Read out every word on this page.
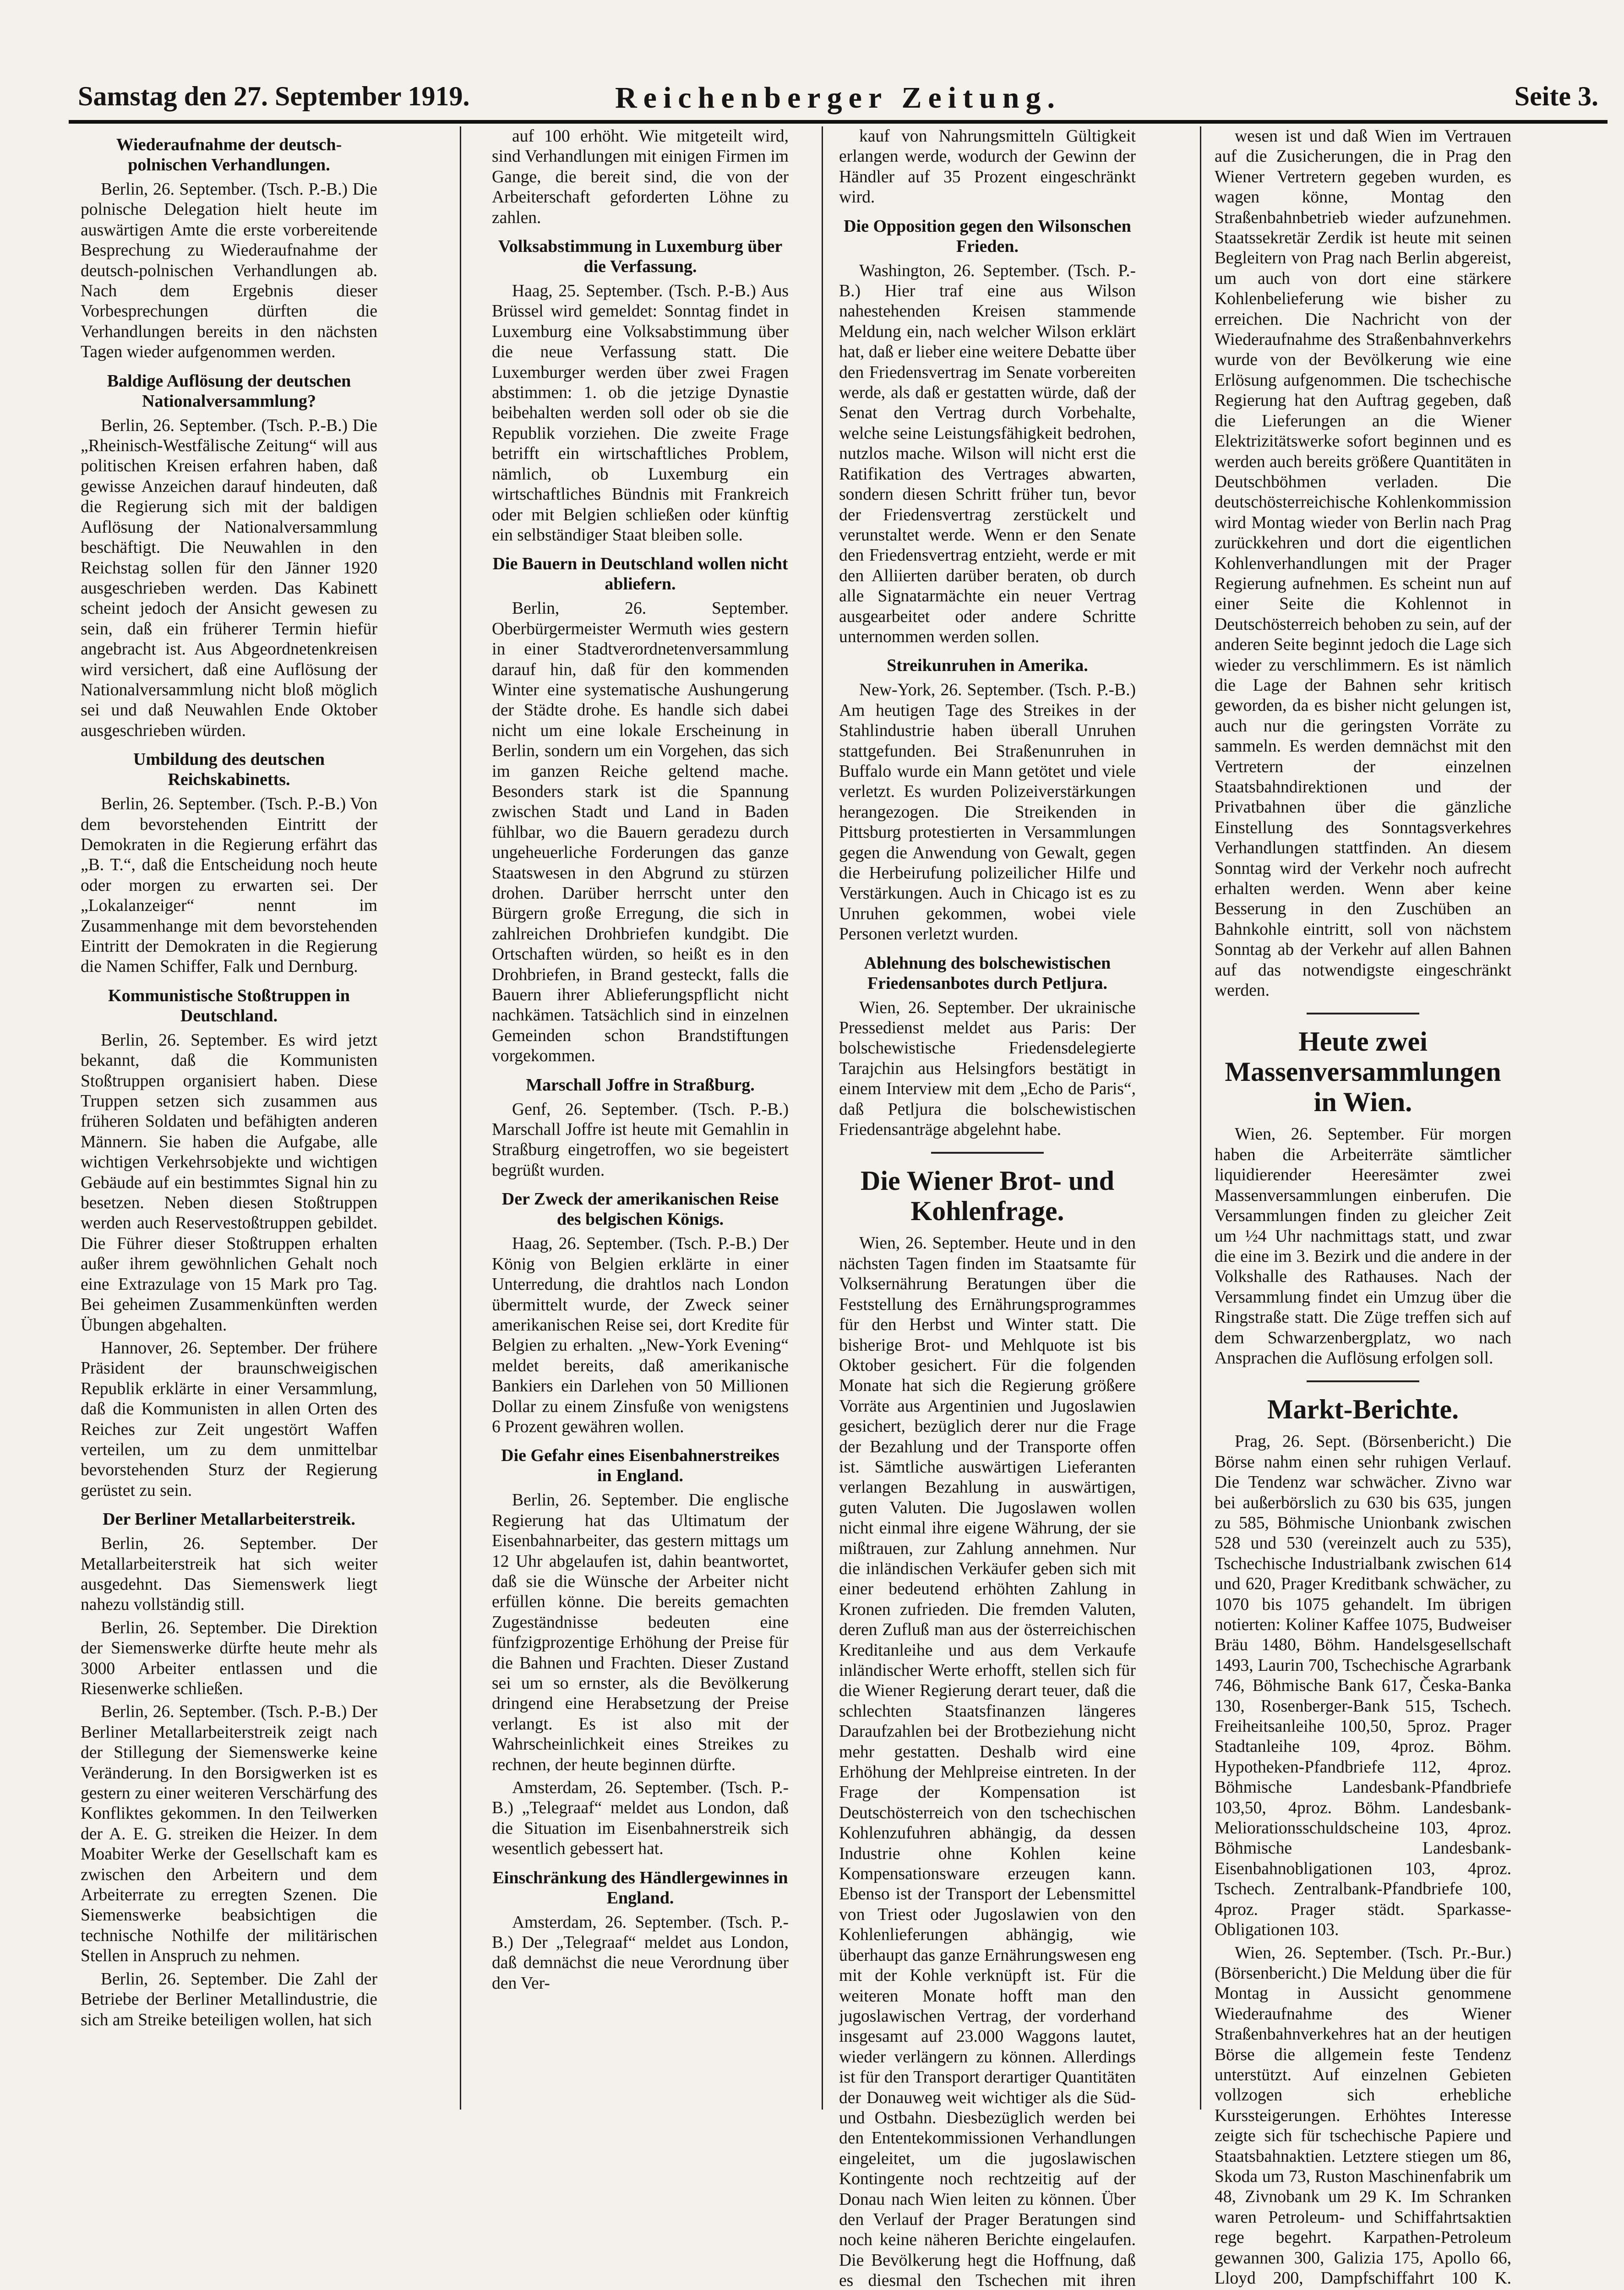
Samstag den 27. September 1919.	Reichenberger Zeitung.	Seite 3.
Wiederaufnahme der deutsch-polnischen Verhandlungen.

Berlin, 26. September. (Tsch. P.-B.) Die polnische Delegation hielt heute im auswärtigen Amte die erste vorbereitende Besprechung zu Wiederaufnahme der deutsch-polnischen Verhandlungen ab. Nach dem Ergebnis dieser Vorbesprechungen dürften die Verhandlungen bereits in den nächsten Tagen wieder aufgenommen werden.

Baldige Auflösung der deutschen Nationalversammlung?

Berlin, 26. September. (Tsch. P.-B.) Die „Rheinisch-Westfälische Zeitung“ will aus politischen Kreisen erfahren haben, daß gewisse Anzeichen darauf hindeuten, daß die Regierung sich mit der baldigen Auflösung der Nationalversammlung beschäftigt. Die Neuwahlen in den Reichstag sollen für den Jänner 1920 ausgeschrieben werden. Das Kabinett scheint jedoch der Ansicht gewesen zu sein, daß ein früherer Termin hiefür angebracht ist. Aus Abgeordnetenkreisen wird versichert, daß eine Auflösung der Nationalversammlung nicht bloß möglich sei und daß Neuwahlen Ende Oktober ausgeschrieben würden.

Umbildung des deutschen Reichskabinetts.

Berlin, 26. September. (Tsch. P.-B.) Von dem bevorstehenden Eintritt der Demokraten in die Regierung erfährt das „B. T.“, daß die Entscheidung noch heute oder morgen zu erwarten sei. Der „Lokalanzeiger“ nennt im Zusammenhange mit dem bevorstehenden Eintritt der Demokraten in die Regierung die Namen Schiffer, Falk und Dernburg.

Kommunistische Stoßtruppen in Deutschland.

Berlin, 26. September. Es wird jetzt bekannt, daß die Kommunisten Stoßtruppen organisiert haben. Diese Truppen setzen sich zusammen aus früheren Soldaten und befähigten anderen Männern. Sie haben die Aufgabe, alle wichtigen Verkehrsobjekte und wichtigen Gebäude auf ein bestimmtes Signal hin zu besetzen. Neben diesen Stoßtruppen werden auch Reservestoßtruppen gebildet. Die Führer dieser Stoßtruppen erhalten außer ihrem gewöhnlichen Gehalt noch eine Extrazulage von 15 Mark pro Tag. Bei geheimen Zusammenkünften werden Übungen abgehalten.

Hannover, 26. September. Der frühere Präsident der braunschweigischen Republik erklärte in einer Versammlung, daß die Kommunisten in allen Orten des Reiches zur Zeit ungestört Waffen verteilen, um zu dem unmittelbar bevorstehenden Sturz der Regierung gerüstet zu sein.

Der Berliner Metallarbeiterstreik.

Berlin, 26. September. Der Metallarbeiterstreik hat sich weiter ausgedehnt. Das Siemenswerk liegt nahezu vollständig still.

Berlin, 26. September. Die Direktion der Siemenswerke dürfte heute mehr als 3000 Arbeiter entlassen und die Riesenwerke schließen.

Berlin, 26. September. (Tsch. P.-B.) Der Berliner Metallarbeiterstreik zeigt nach der Stillegung der Siemenswerke keine Veränderung. In den Borsigwerken ist es gestern zu einer weiteren Verschärfung des Konfliktes gekommen. In den Teilwerken der A. E. G. streiken die Heizer. In dem Moabiter Werke der Gesellschaft kam es zwischen den Arbeitern und dem Arbeiterrate zu erregten Szenen. Die Siemenswerke beabsichtigen die technische Nothilfe der militärischen Stellen in Anspruch zu nehmen.

Berlin, 26. September. Die Zahl der Betriebe der Berliner Metallindustrie, die sich am Streike beteiligen wollen, hat sich

auf 100 erhöht. Wie mitgeteilt wird, sind Verhandlungen mit einigen Firmen im Gange, die bereit sind, die von der Arbeiterschaft geforderten Löhne zu zahlen.

Volksabstimmung in Luxemburg über die Verfassung.

Haag, 25. September. (Tsch. P.-B.) Aus Brüssel wird gemeldet: Sonntag findet in Luxemburg eine Volksabstimmung über die neue Verfassung statt. Die Luxemburger werden über zwei Fragen abstimmen: 1. ob die jetzige Dynastie beibehalten werden soll oder ob sie die Republik vorziehen. Die zweite Frage betrifft ein wirtschaftliches Problem, nämlich, ob Luxemburg ein wirtschaftliches Bündnis mit Frankreich oder mit Belgien schließen oder künftig ein selbständiger Staat bleiben solle.

Die Bauern in Deutschland wollen nicht abliefern.

Berlin, 26. September. Oberbürgermeister Wermuth wies gestern in einer Stadtverordnetenversammlung darauf hin, daß für den kommenden Winter eine systematische Aushungerung der Städte drohe. Es handle sich dabei nicht um eine lokale Erscheinung in Berlin, sondern um ein Vorgehen, das sich im ganzen Reiche geltend mache. Besonders stark ist die Spannung zwischen Stadt und Land in Baden fühlbar, wo die Bauern geradezu durch ungeheuerliche Forderungen das ganze Staatswesen in den Abgrund zu stürzen drohen. Darüber herrscht unter den Bürgern große Erregung, die sich in zahlreichen Drohbriefen kundgibt. Die Ortschaften würden, so heißt es in den Drohbriefen, in Brand gesteckt, falls die Bauern ihrer Ablieferungspflicht nicht nachkämen. Tatsächlich sind in einzelnen Gemeinden schon Brandstiftungen vorgekommen.

Marschall Joffre in Straßburg.

Genf, 26. September. (Tsch. P.-B.) Marschall Joffre ist heute mit Gemahlin in Straßburg eingetroffen, wo sie begeistert begrüßt wurden.

Der Zweck der amerikanischen Reise des belgischen Königs.

Haag, 26. September. (Tsch. P.-B.) Der König von Belgien erklärte in einer Unterredung, die drahtlos nach London übermittelt wurde, der Zweck seiner amerikanischen Reise sei, dort Kredite für Belgien zu erhalten. „New-York Evening“ meldet bereits, daß amerikanische Bankiers ein Darlehen von 50 Millionen Dollar zu einem Zinsfuße von wenigstens 6 Prozent gewähren wollen.

Die Gefahr eines Eisenbahnerstreikes in England.

Berlin, 26. September. Die englische Regierung hat das Ultimatum der Eisenbahnarbeiter, das gestern mittags um 12 Uhr abgelaufen ist, dahin beantwortet, daß sie die Wünsche der Arbeiter nicht erfüllen könne. Die bereits gemachten Zugeständnisse bedeuten eine fünfzigprozentige Erhöhung der Preise für die Bahnen und Frachten. Dieser Zustand sei um so ernster, als die Bevölkerung dringend eine Herabsetzung der Preise verlangt. Es ist also mit der Wahrscheinlichkeit eines Streikes zu rechnen, der heute beginnen dürfte.

Amsterdam, 26. September. (Tsch. P.-B.) „Telegraaf“ meldet aus London, daß die Situation im Eisenbahnerstreik sich wesentlich gebessert hat.

Einschränkung des Händlergewinnes in England.

Amsterdam, 26. September. (Tsch. P.-B.) Der „Telegraaf“ meldet aus London, daß demnächst die neue Verordnung über den Ver-

kauf von Nahrungsmitteln Gültigkeit erlangen werde, wodurch der Gewinn der Händler auf 35 Prozent eingeschränkt wird.

Die Opposition gegen den Wilsonschen Frieden.

Washington, 26. September. (Tsch. P.-B.) Hier traf eine aus Wilson nahestehenden Kreisen stammende Meldung ein, nach welcher Wilson erklärt hat, daß er lieber eine weitere Debatte über den Friedensvertrag im Senate vorbereiten werde, als daß er gestatten würde, daß der Senat den Vertrag durch Vorbehalte, welche seine Leistungsfähigkeit bedrohen, nutzlos mache. Wilson will nicht erst die Ratifikation des Vertrages abwarten, sondern diesen Schritt früher tun, bevor der Friedensvertrag zerstückelt und verunstaltet werde. Wenn er den Senate den Friedensvertrag entzieht, werde er mit den Alliierten darüber beraten, ob durch alle Signatarmächte ein neuer Vertrag ausgearbeitet oder andere Schritte unternommen werden sollen.

Streikunruhen in Amerika.

New-York, 26. September. (Tsch. P.-B.) Am heutigen Tage des Streikes in der Stahlindustrie haben überall Unruhen stattgefunden. Bei Straßenunruhen in Buffalo wurde ein Mann getötet und viele verletzt. Es wurden Polizeiverstärkungen herangezogen. Die Streikenden in Pittsburg protestierten in Versammlungen gegen die Anwendung von Gewalt, gegen die Herbeirufung polizeilicher Hilfe und Verstärkungen. Auch in Chicago ist es zu Unruhen gekommen, wobei viele Personen verletzt wurden.

Ablehnung des bolschewistischen Friedensanbotes durch Petljura.

Wien, 26. September. Der ukrainische Pressedienst meldet aus Paris: Der bolschewistische Friedensdelegierte Tarajchin aus Helsingfors bestätigt in einem Interview mit dem „Echo de Paris“, daß Petljura die bolschewistischen Friedensanträge abgelehnt habe.

Die Wiener Brot- und Kohlenfrage.

Wien, 26. September. Heute und in den nächsten Tagen finden im Staatsamte für Volksernährung Beratungen über die Feststellung des Ernährungsprogrammes für den Herbst und Winter statt. Die bisherige Brot- und Mehlquote ist bis Oktober gesichert. Für die folgenden Monate hat sich die Regierung größere Vorräte aus Argentinien und Jugoslawien gesichert, bezüglich derer nur die Frage der Bezahlung und der Transporte offen ist. Sämtliche auswärtigen Lieferanten verlangen Bezahlung in auswärtigen, guten Valuten. Die Jugoslawen wollen nicht einmal ihre eigene Währung, der sie mißtrauen, zur Zahlung annehmen. Nur die inländischen Verkäufer geben sich mit einer bedeutend erhöhten Zahlung in Kronen zufrieden. Die fremden Valuten, deren Zufluß man aus der österreichischen Kreditanleihe und aus dem Verkaufe inländischer Werte erhofft, stellen sich für die Wiener Regierung derart teuer, daß die schlechten Staatsfinanzen längeres Daraufzahlen bei der Brotbeziehung nicht mehr gestatten. Deshalb wird eine Erhöhung der Mehlpreise eintreten. In der Frage der Kompensation ist Deutschösterreich von den tschechischen Kohlenzufuhren abhängig, da dessen Industrie ohne Kohlen keine Kompensationsware erzeugen kann. Ebenso ist der Transport der Lebensmittel von Triest oder Jugoslawien von den Kohlenlieferungen abhängig, wie überhaupt das ganze Ernährungswesen eng mit der Kohle verknüpft ist. Für die weiteren Monate hofft man den jugoslawischen Vertrag, der vorderhand insgesamt auf 23.000 Waggons lautet, wieder verlängern zu können. Allerdings ist für den Transport derartiger Quantitäten der Donauweg weit wichtiger als die Süd- und Ostbahn. Diesbezüglich werden bei den Ententekommissionen Verhandlungen eingeleitet, um die jugoslawischen Kontingente noch rechtzeitig auf der Donau nach Wien leiten zu können. Über den Verlauf der Prager Beratungen sind noch keine näheren Berichte eingelaufen. Die Bevölkerung hegt die Hoffnung, daß es diesmal den Tschechen mit ihren

wesen ist und daß Wien im Vertrauen auf die Zusicherungen, die in Prag den Wiener Vertretern gegeben wurden, es wagen könne, Montag den Straßenbahnbetrieb wieder aufzunehmen. Staatssekretär Zerdik ist heute mit seinen Begleitern von Prag nach Berlin abgereist, um auch von dort eine stärkere Kohlenbelieferung wie bisher zu erreichen. Die Nachricht von der Wiederaufnahme des Straßenbahnverkehrs wurde von der Bevölkerung wie eine Erlösung aufgenommen. Die tschechische Regierung hat den Auftrag gegeben, daß die Lieferungen an die Wiener Elektrizitätswerke sofort beginnen und es werden auch bereits größere Quantitäten in Deutschböhmen verladen. Die deutschösterreichische Kohlenkommission wird Montag wieder von Berlin nach Prag zurückkehren und dort die eigentlichen Kohlenverhandlungen mit der Prager Regierung aufnehmen. Es scheint nun auf einer Seite die Kohlennot in Deutschösterreich behoben zu sein, auf der anderen Seite beginnt jedoch die Lage sich wieder zu verschlimmern. Es ist nämlich die Lage der Bahnen sehr kritisch geworden, da es bisher nicht gelungen ist, auch nur die geringsten Vorräte zu sammeln. Es werden demnächst mit den Vertretern der einzelnen Staatsbahndirektionen und der Privatbahnen über die gänzliche Einstellung des Sonntagsverkehres Verhandlungen stattfinden. An diesem Sonntag wird der Verkehr noch aufrecht erhalten werden. Wenn aber keine Besserung in den Zuschüben an Bahnkohle eintritt, soll von nächstem Sonntag ab der Verkehr auf allen Bahnen auf das notwendigste eingeschränkt werden.

Heute zwei Massenversammlungen in Wien.

Wien, 26. September. Für morgen haben die Arbeiterräte sämtlicher liquidierender Heeresämter zwei Massenversammlungen einberufen. Die Versammlungen finden zu gleicher Zeit um ½4 Uhr nachmittags statt, und zwar die eine im 3. Bezirk und die andere in der Volkshalle des Rathauses. Nach der Versammlung findet ein Umzug über die Ringstraße statt. Die Züge treffen sich auf dem Schwarzenbergplatz, wo nach Ansprachen die Auflösung erfolgen soll.

Markt-Berichte.

Prag, 26. Sept. (Börsenbericht.) Die Börse nahm einen sehr ruhigen Verlauf. Die Tendenz war schwächer. Zivno war bei außerbörslich zu 630 bis 635, jungen zu 585, Böhmische Unionbank zwischen 528 und 530 (vereinzelt auch zu 535), Tschechische Industrialbank zwischen 614 und 620, Prager Kreditbank schwächer, zu 1070 bis 1075 gehandelt. Im übrigen notierten: Koliner Kaffee 1075, Budweiser Bräu 1480, Böhm. Handelsgesellschaft 1493, Laurin 700, Tschechische Agrarbank 746, Böhmische Bank 617, Česka-Banka 130, Rosenberger-Bank 515, Tschech. Freiheitsanleihe 100,50, 5proz. Prager Stadtanleihe 109, 4proz. Böhm. Hypotheken-Pfandbriefe 112, 4proz. Böhmische Landesbank-Pfandbriefe 103,50, 4proz. Böhm. Landesbank-Meliorationsschuldscheine 103, 4proz. Böhmische Landesbank-Eisenbahnobligationen 103, 4proz. Tschech. Zentralbank-Pfandbriefe 100, 4proz. Prager städt. Sparkasse-Obligationen 103.

Wien, 26. September. (Tsch. Pr.-Bur.) (Börsenbericht.) Die Meldung über die für Montag in Aussicht genommene Wiederaufnahme des Wiener Straßenbahnverkehres hat an der heutigen Börse die allgemein feste Tendenz unterstützt. Auf einzelnen Gebieten vollzogen sich erhebliche Kurssteigerungen. Erhöhtes Interesse zeigte sich für tschechische Papiere und Staatsbahnaktien. Letztere stiegen um 86, Skoda um 73, Ruston Maschinenfabrik um 48, Zivnobank um 29 K. Im Schranken waren Petroleum- und Schiffahrtsaktien rege begehrt. Karpathen-Petroleum gewannen 300, Galizia 175, Apollo 66, Lloyd 200, Dampfschiffahrt 100 K.
